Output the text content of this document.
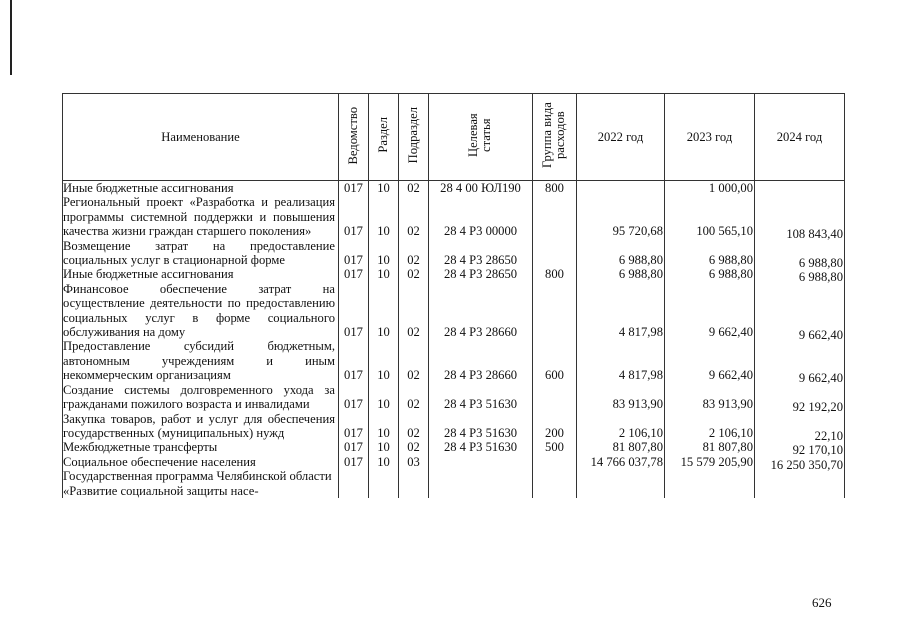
Наименование	Ведомство	Раздел	Подраздел	Целевая статья	Группа вида расходов	2022 год	2023 год	2024 год
Иные бюджетные ассигнования	017	10	02	28 4 00 ЮЛ190	800		1 000,00	
Региональный проект «Разработка и реализация программы системной поддержки и повышения качества жизни граждан старшего поколения»	017	10	02	28 4 P3 00000		95 720,68	100 565,10	108 843,40
Возмещение затрат на предоставление социальных услуг в стационарной форме	017	10	02	28 4 P3 28650		6 988,80	6 988,80	6 988,80
Иные бюджетные ассигнования	017	10	02	28 4 P3 28650	800	6 988,80	6 988,80	6 988,80
Финансовое обеспечение затрат на осуществление деятельности по предоставлению социальных услуг в форме социального обслуживания на дому	017	10	02	28 4 P3 28660		4 817,98	9 662,40	9 662,40
Предоставление субсидий бюджетным, автономным учреждениям и иным некоммерческим организациям	017	10	02	28 4 P3 28660	600	4 817,98	9 662,40	9 662,40
Создание системы долговременного ухода за гражданами пожилого возраста и инвалидами	017	10	02	28 4 P3 51630		83 913,90	83 913,90	92 192,20
Закупка товаров, работ и услуг для обеспечения государственных (муниципальных) нужд	017	10	02	28 4 P3 51630	200	2 106,10	2 106,10	22,10
Межбюджетные трансферты	017	10	02	28 4 P3 51630	500	81 807,80	81 807,80	92 170,10
Социальное обеспечение населения	017	10	03			14 766 037,78	15 579 205,90	16 250 350,70
Государственная программа Челябинской области «Развитие социальной защиты насе-								
626
